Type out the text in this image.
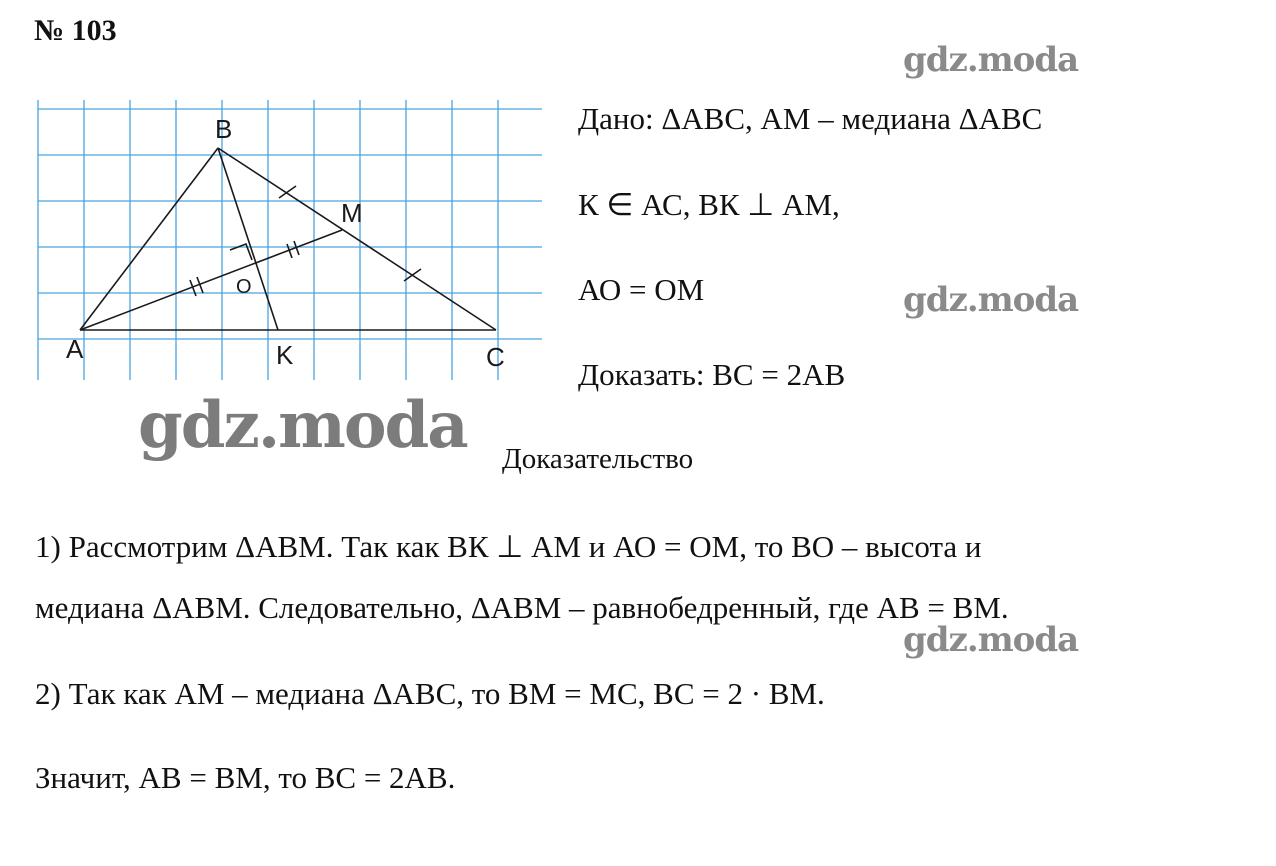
№ 103
B
M
O
A	K	C
Дано: ΔАВС, АМ – медиана ΔАВС
К ∈ АС, ВК ⊥ АМ,
АО = ОМ
Доказать: ВС = 2АВ
Доказательство
1) Рассмотрим ΔАВМ. Так как ВК ⊥ АМ и АО = ОМ, то ВО – высота и
медиана ΔАВМ. Следовательно, ΔАВМ – равнобедренный, где АВ = ВМ.
2) Так как АМ – медиана ΔАВС, то ВМ = МС, ВС = 2 · ВМ.
Значит, АВ = ВМ, то ВС = 2АВ.
gdz.moda
gdz.moda
gdz.moda
gdz.moda
